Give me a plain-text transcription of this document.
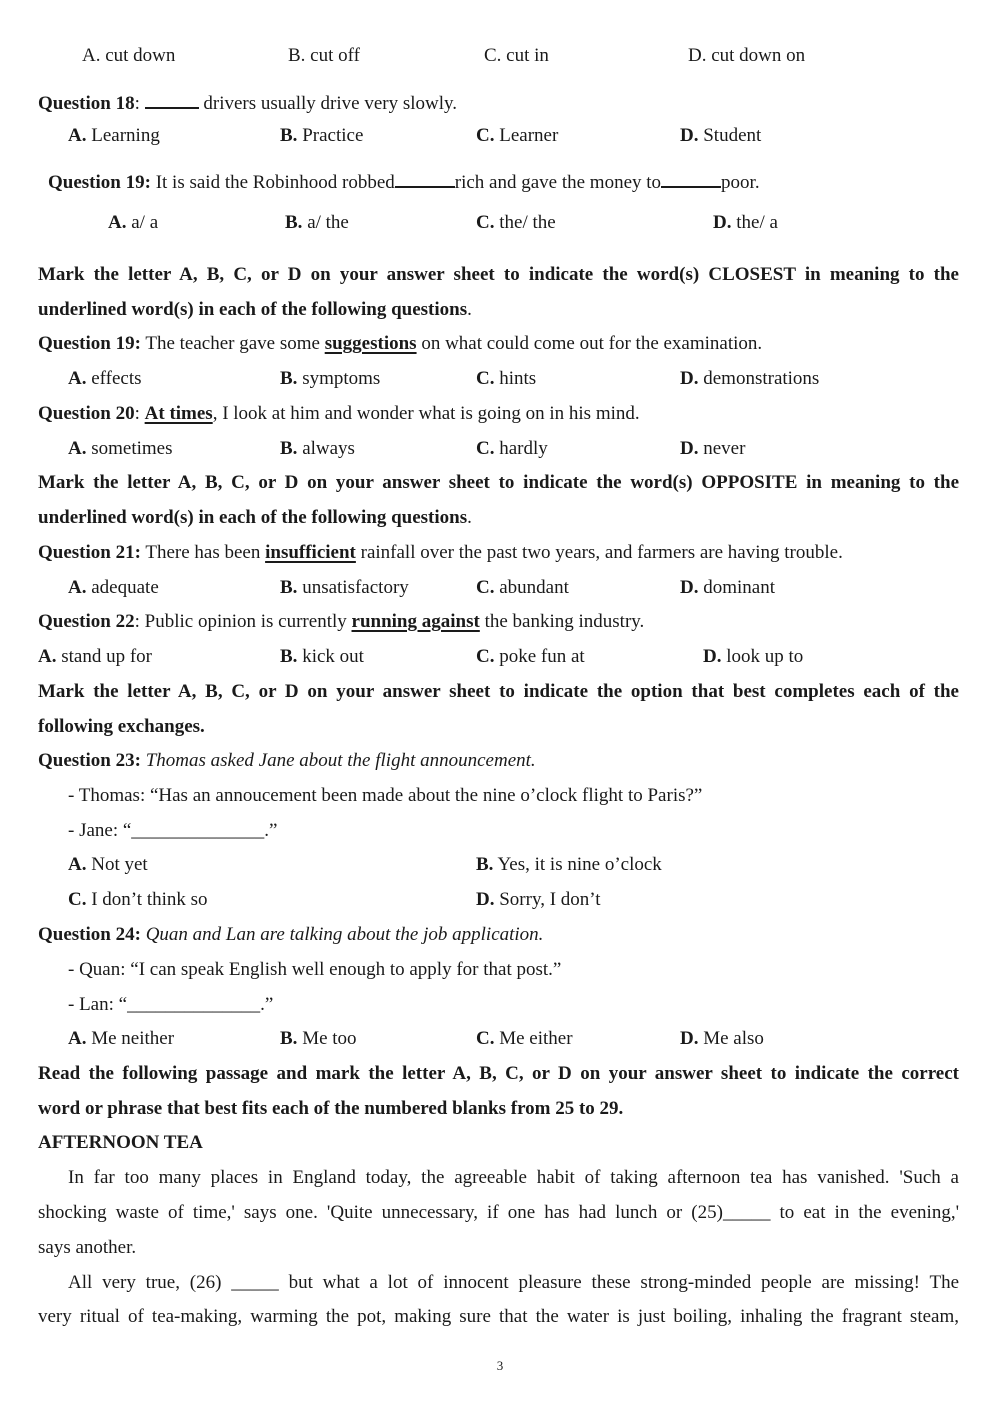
A. cut down	B. cut off	C. cut in	D. cut down on
Question 18:	drivers usually drive very slowly.
A. Learning	B. Practice	C. Learner	D. Student
Question 19: It is said the Robinhood robbed	rich and gave the money to	poor.
A. a/ a	B. a/ the	C. the/ the	D. the/ a
Mark the letter A, B, C, or D on your answer sheet to indicate the word(s) CLOSEST in meaning to the
underlined word(s) in each of the following questions.
Question 19: The teacher gave some suggestions on what could come out for the examination.
A. effects	B. symptoms	C. hints	D. demonstrations
Question 20: At times, I look at him and wonder what is going on in his mind.
A. sometimes	B. always	C. hardly	D. never
Mark the letter A, B, C, or D on your answer sheet to indicate the word(s) OPPOSITE in meaning to the
underlined word(s) in each of the following questions.
Question 21: There has been insufficient rainfall over the past two years, and farmers are having trouble.
A. adequate	B. unsatisfactory	C. abundant	D. dominant
Question 22: Public opinion is currently running against the banking industry.
A. stand up for	B. kick out	C. poke fun at	D. look up to
Mark the letter A, B, C, or D on your answer sheet to indicate the option that best completes each of the
following exchanges.
Question 23: Thomas asked Jane about the flight announcement.
- Thomas: “Has an annoucement been made about the nine o’clock flight to Paris?”
- Jane: “______________.”
A. Not yet	B. Yes, it is nine o’clock
C. I don’t think so	D. Sorry, I don’t
Question 24: Quan and Lan are talking about the job application.
- Quan: “I can speak English well enough to apply for that post.”
- Lan: “______________.”
A. Me neither	B. Me too	C. Me either	D. Me also
Read the following passage and mark the letter A, B, C, or D on your answer sheet to indicate the correct
word or phrase that best fits each of the numbered blanks from 25 to 29.
AFTERNOON TEA
In far too many places in England today, the agreeable habit of taking afternoon tea has vanished. 'Such a
shocking waste of time,' says one. 'Quite unnecessary, if one has had lunch or (25)_____ to eat in the evening,'
says another.
All very true, (26) _____ but what a lot of innocent pleasure these strong-minded people are missing! The
very ritual of tea-making, warming the pot, making sure that the water is just boiling, inhaling the fragrant steam,
3
